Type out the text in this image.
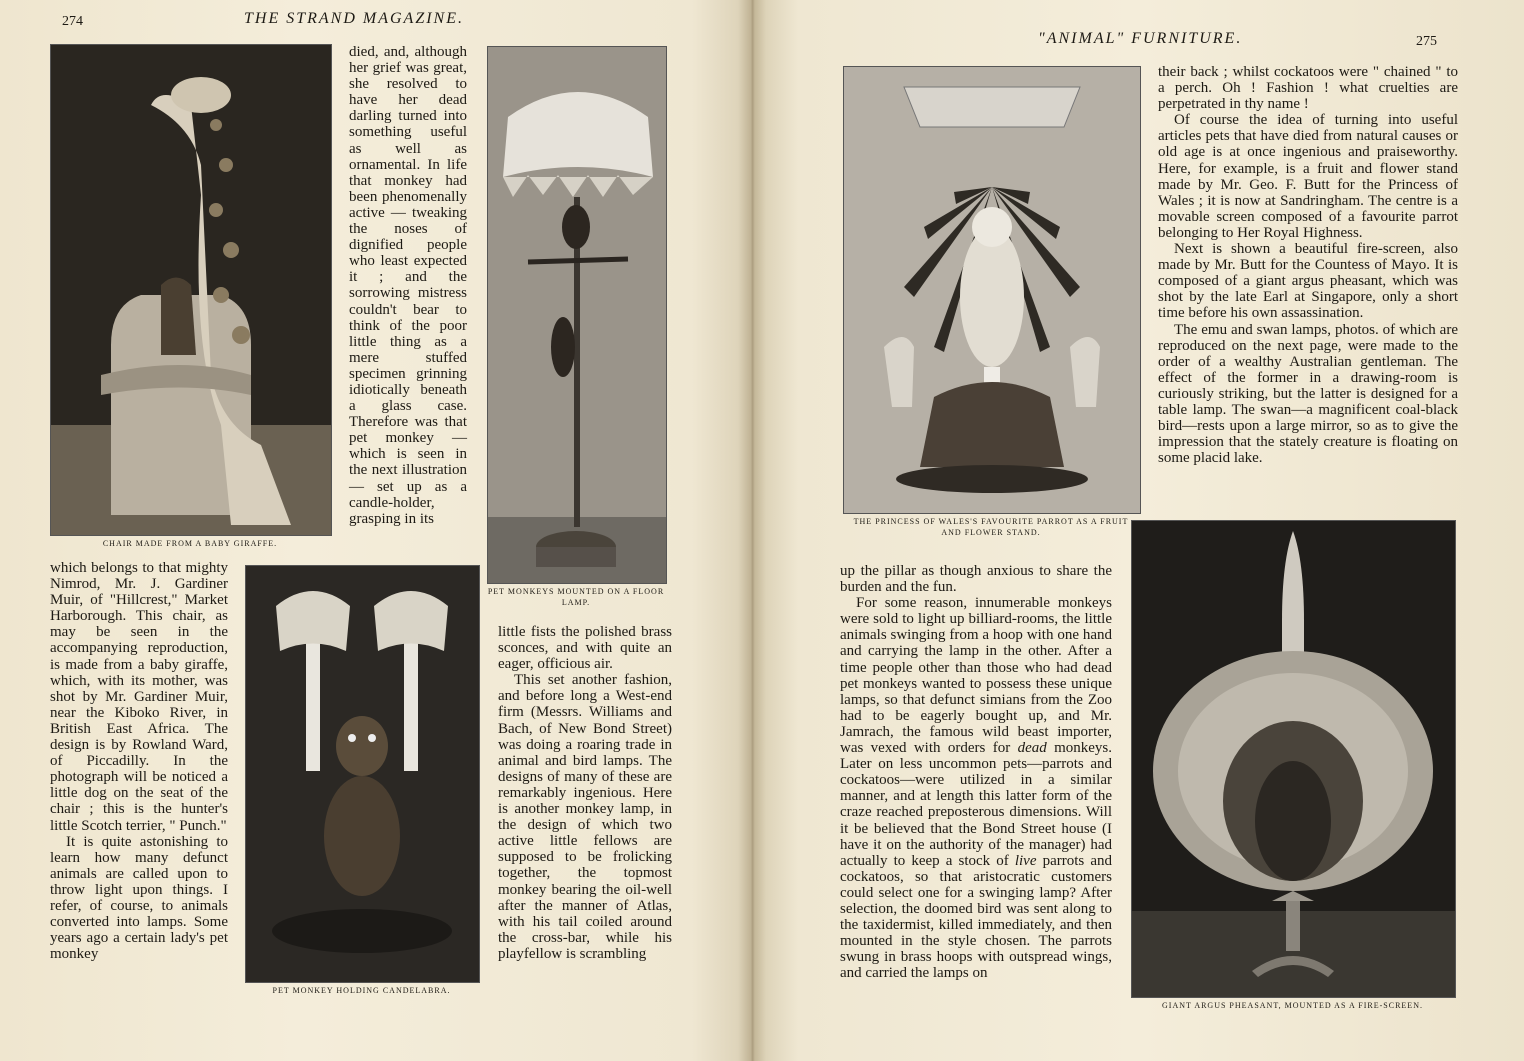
274	THE STRAND MAGAZINE.
CHAIR MADE FROM A BABY GIRAFFE.

died, and, although her grief was great, she resolved to have her dead darling turned into something useful as well as ornamental. In life that monkey had been phenomenally active — tweaking the noses of dignified people who least expected it ; and the sorrowing mistress couldn't bear to think of the poor little thing as a mere stuffed specimen grinning idiotically beneath a glass case. Therefore was that pet monkey — which is seen in the next illustration — set up as a candle-holder, grasping in its

PET MONKEYS MOUNTED ON A FLOOR LAMP.

which belongs to that mighty Nimrod, Mr. J. Gardiner Muir, of "Hillcrest," Market Harborough. This chair, as may be seen in the accompanying reproduction, is made from a baby giraffe, which, with its mother, was shot by Mr. Gardiner Muir, near the Kiboko River, in British East Africa. The design is by Rowland Ward, of Piccadilly. In the photograph will be noticed a little dog on the seat of the chair ; this is the hunter's little Scotch terrier, " Punch."

It is quite astonishing to learn how many defunct animals are called upon to throw light upon things. I refer, of course, to animals converted into lamps. Some years ago a certain lady's pet monkey

PET MONKEY HOLDING CANDELABRA.

little fists the polished brass sconces, and with quite an eager, officious air.

This set another fashion, and before long a West-end firm (Messrs. Williams and Bach, of New Bond Street) was doing a roaring trade in animal and bird lamps. The designs of many of these are remarkably ingenious. Here is another monkey lamp, in the design of which two active little fellows are supposed to be frolicking together, the topmost monkey bearing the oil-well after the manner of Atlas, with his tail coiled around the cross-bar, while his playfellow is scrambling

"ANIMAL" FURNITURE.	275
THE PRINCESS OF WALES'S FAVOURITE PARROT AS A FRUIT AND FLOWER STAND.

their back ; whilst cockatoos were " chained " to a perch. Oh ! Fashion ! what cruelties are perpetrated in thy name !

Of course the idea of turning into useful articles pets that have died from natural causes or old age is at once ingenious and praiseworthy. Here, for example, is a fruit and flower stand made by Mr. Geo. F. Butt for the Princess of Wales ; it is now at Sandringham. The centre is a movable screen composed of a favourite parrot belonging to Her Royal Highness.

Next is shown a beautiful fire-screen, also made by Mr. Butt for the Countess of Mayo. It is composed of a giant argus pheasant, which was shot by the late Earl at Singapore, only a short time before his own assassination.

The emu and swan lamps, photos. of which are reproduced on the next page, were made to the order of a wealthy Australian gentleman. The effect of the former in a drawing-room is curiously striking, but the latter is designed for a table lamp. The swan—a magnificent coal-black bird—rests upon a large mirror, so as to give the impression that the stately creature is floating on some placid lake.

GIANT ARGUS PHEASANT, MOUNTED AS A FIRE-SCREEN.

up the pillar as though anxious to share the burden and the fun.

For some reason, innumerable monkeys were sold to light up billiard-rooms, the little animals swinging from a hoop with one hand and carrying the lamp in the other. After a time people other than those who had dead pet monkeys wanted to possess these unique lamps, so that defunct simians from the Zoo had to be eagerly bought up, and Mr. Jamrach, the famous wild beast importer, was vexed with orders for dead monkeys. Later on less uncommon pets—parrots and cockatoos—were utilized in a similar manner, and at length this latter form of the craze reached preposterous dimensions. Will it be believed that the Bond Street house (I have it on the authority of the manager) had actually to keep a stock of live parrots and cockatoos, so that aristocratic customers could select one for a swinging lamp? After selection, the doomed bird was sent along to the taxidermist, killed immediately, and then mounted in the style chosen. The parrots swung in brass hoops with outspread wings, and carried the lamps on
